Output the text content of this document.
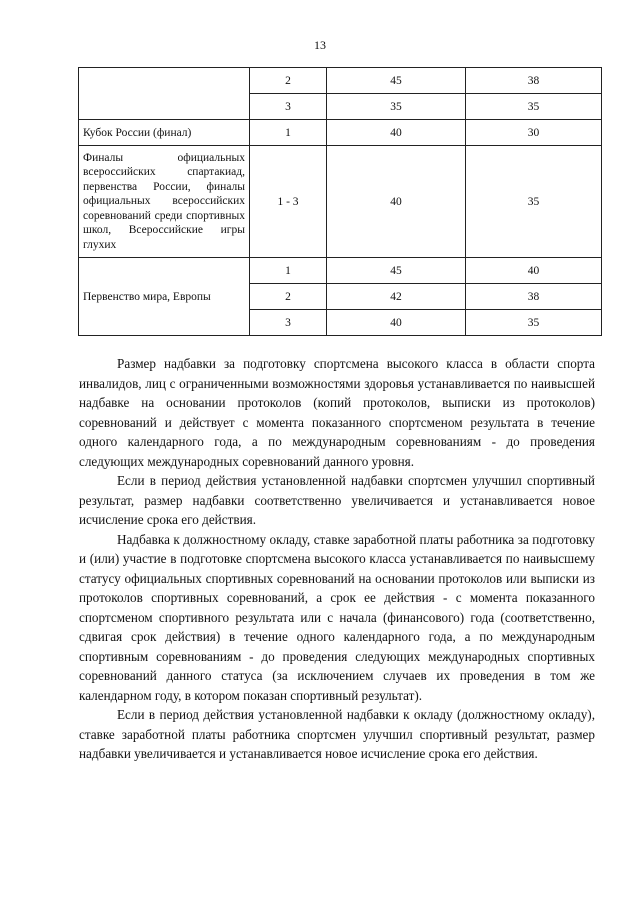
13
	2	45	38
	3	35	35
Кубок России (финал)	1	40	30
Финалы официальных всероссийских спартакиад, первенства России, финалы официальных всероссийских соревнований среди спортивных школ, Всероссийские игры глухих	1 - 3	40	35
Первенство мира, Европы	1	45	40
	2	42	38
	3	40	35

Размер надбавки за подготовку спортсмена высокого класса в области спорта инвалидов, лиц с ограниченными возможностями здоровья устанавливается по наивысшей надбавке на основании протоколов (копий протоколов, выписки из протоколов) соревнований и действует с момента показанного спортсменом результата в течение одного календарного года, а по международным соревнованиям - до проведения следующих международных соревнований данного уровня.

Если в период действия установленной надбавки спортсмен улучшил спортивный результат, размер надбавки соответственно увеличивается и устанавливается новое исчисление срока его действия.

Надбавка к должностному окладу, ставке заработной платы работника за подготовку и (или) участие в подготовке спортсмена высокого класса устанавливается по наивысшему статусу официальных спортивных соревнований на основании протоколов или выписки из протоколов спортивных соревнований, а срок ее действия - с момента показанного спортсменом спортивного результата или с начала (финансового) года (соответственно, сдвигая срок действия) в течение одного календарного года, а по международным спортивным соревнованиям - до проведения следующих международных спортивных соревнований данного статуса (за исключением случаев их проведения в том же календарном году, в котором показан спортивный результат).

Если в период действия установленной надбавки к окладу (должностному окладу), ставке заработной платы работника спортсмен улучшил спортивный результат, размер надбавки увеличивается и устанавливается новое исчисление срока его действия.
